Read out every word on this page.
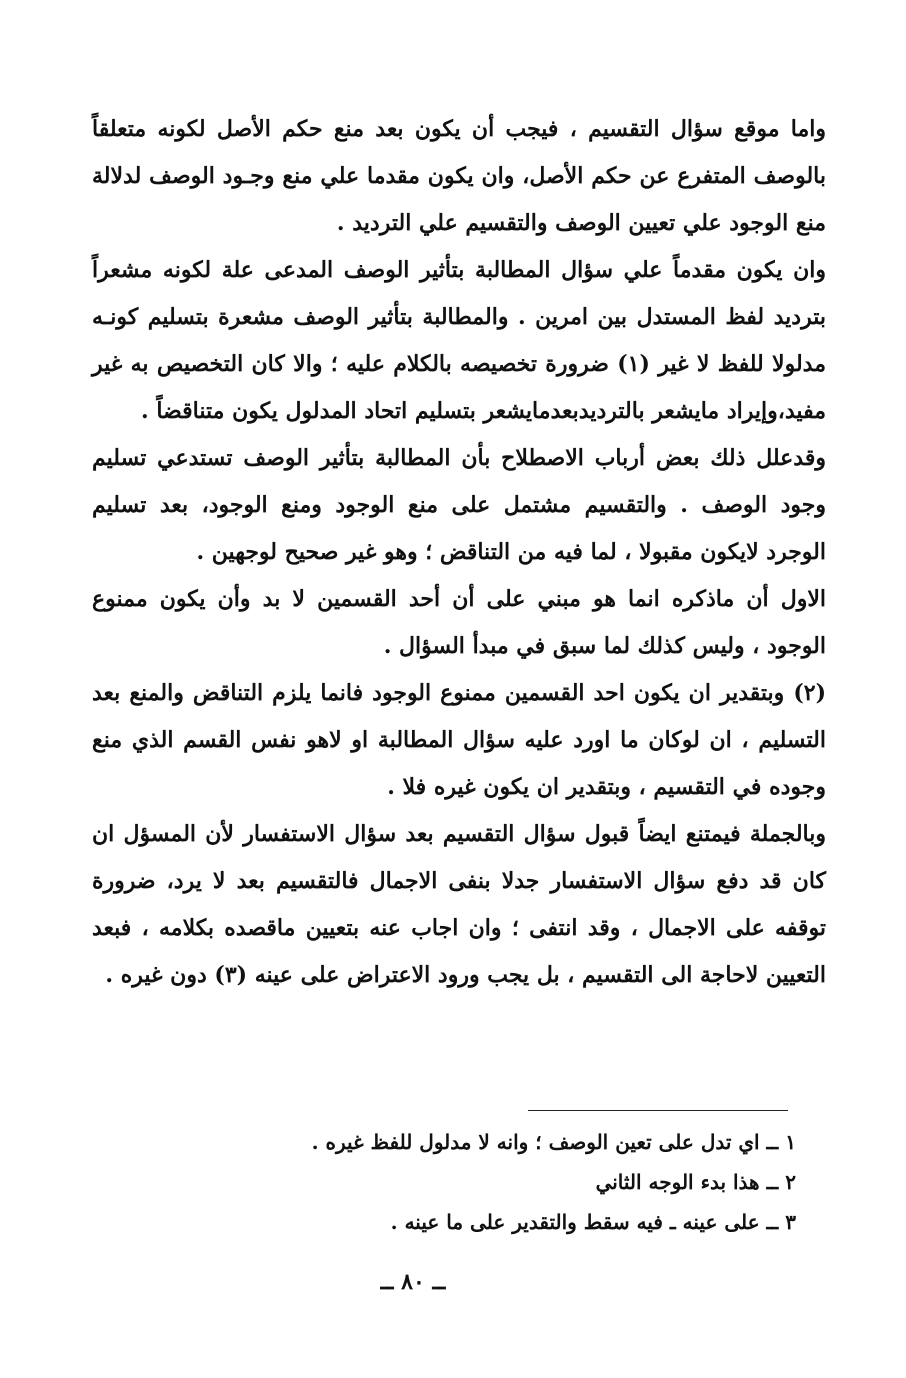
واما موقع سؤال التقسيم ، فيجب أن يكون بعد منع حكم الأصل لكونه متعلقاً بالوصف المتفرع عن حكم الأصل، وان يكون مقدما علي منع وجـود الوصف لدلالة منع الوجود علي تعيين الوصف والتقسيم علي الترديد .

وان يكون مقدماً علي سؤال المطالبة بتأثير الوصف المدعى علة لكونه مشعراً بترديد لفظ المستدل بين امرين . والمطالبة بتأثير الوصف مشعرة بتسليم كونـه مدلولا للفظ لا غير (١) ضرورة تخصيصه بالكلام عليه ؛ والا كان التخصيص به غير مفيد،وإيراد مايشعر بالترديدبعدمايشعر بتسليم اتحاد المدلول يكون متناقضاً .

وقدعلل ذلك بعض أرباب الاصطلاح بأن المطالبة بتأثير الوصف تستدعي تسليم وجود الوصف . والتقسيم مشتمل على منع الوجود ومنع الوجود، بعد تسليم الوجرد لايكون مقبولا ، لما فيه من التناقض ؛ وهو غير صحيح لوجهين .

الاول أن ماذكره انما هو مبني على أن أحد القسمين لا بد وأن يكون ممنوع الوجود ، وليس كذلك لما سبق في مبدأ السؤال .

(٢) وبتقدير ان يكون احد القسمين ممنوع الوجود فانما يلزم التناقض والمنع بعد التسليم ، ان لوكان ما اورد عليه سؤال المطالبة او لاهو نفس القسم الذي منع وجوده في التقسيم ، وبتقدير ان يكون غيره فلا .

وبالجملة فيمتنع ايضاً قبول سؤال التقسيم بعد سؤال الاستفسار لأن المسؤل ان كان قد دفع سؤال الاستفسار جدلا بنفى الاجمال فالتقسيم بعد لا يرد، ضرورة توقفه على الاجمال ، وقد انتفى ؛ وان اجاب عنه بتعيين ماقصده بكلامه ، فبعد التعيين لاحاجة الى التقسيم ، بل يجب ورود الاعتراض على عينه (٣) دون غيره .

١ ــ اي تدل على تعين الوصف ؛ وانه لا مدلول للفظ غيره .
٢ ــ هذا بدء الوجه الثاني
٣ ــ على عينه ـ فيه سقط والتقدير على ما عينه .
ــ ٨٠ ــ
